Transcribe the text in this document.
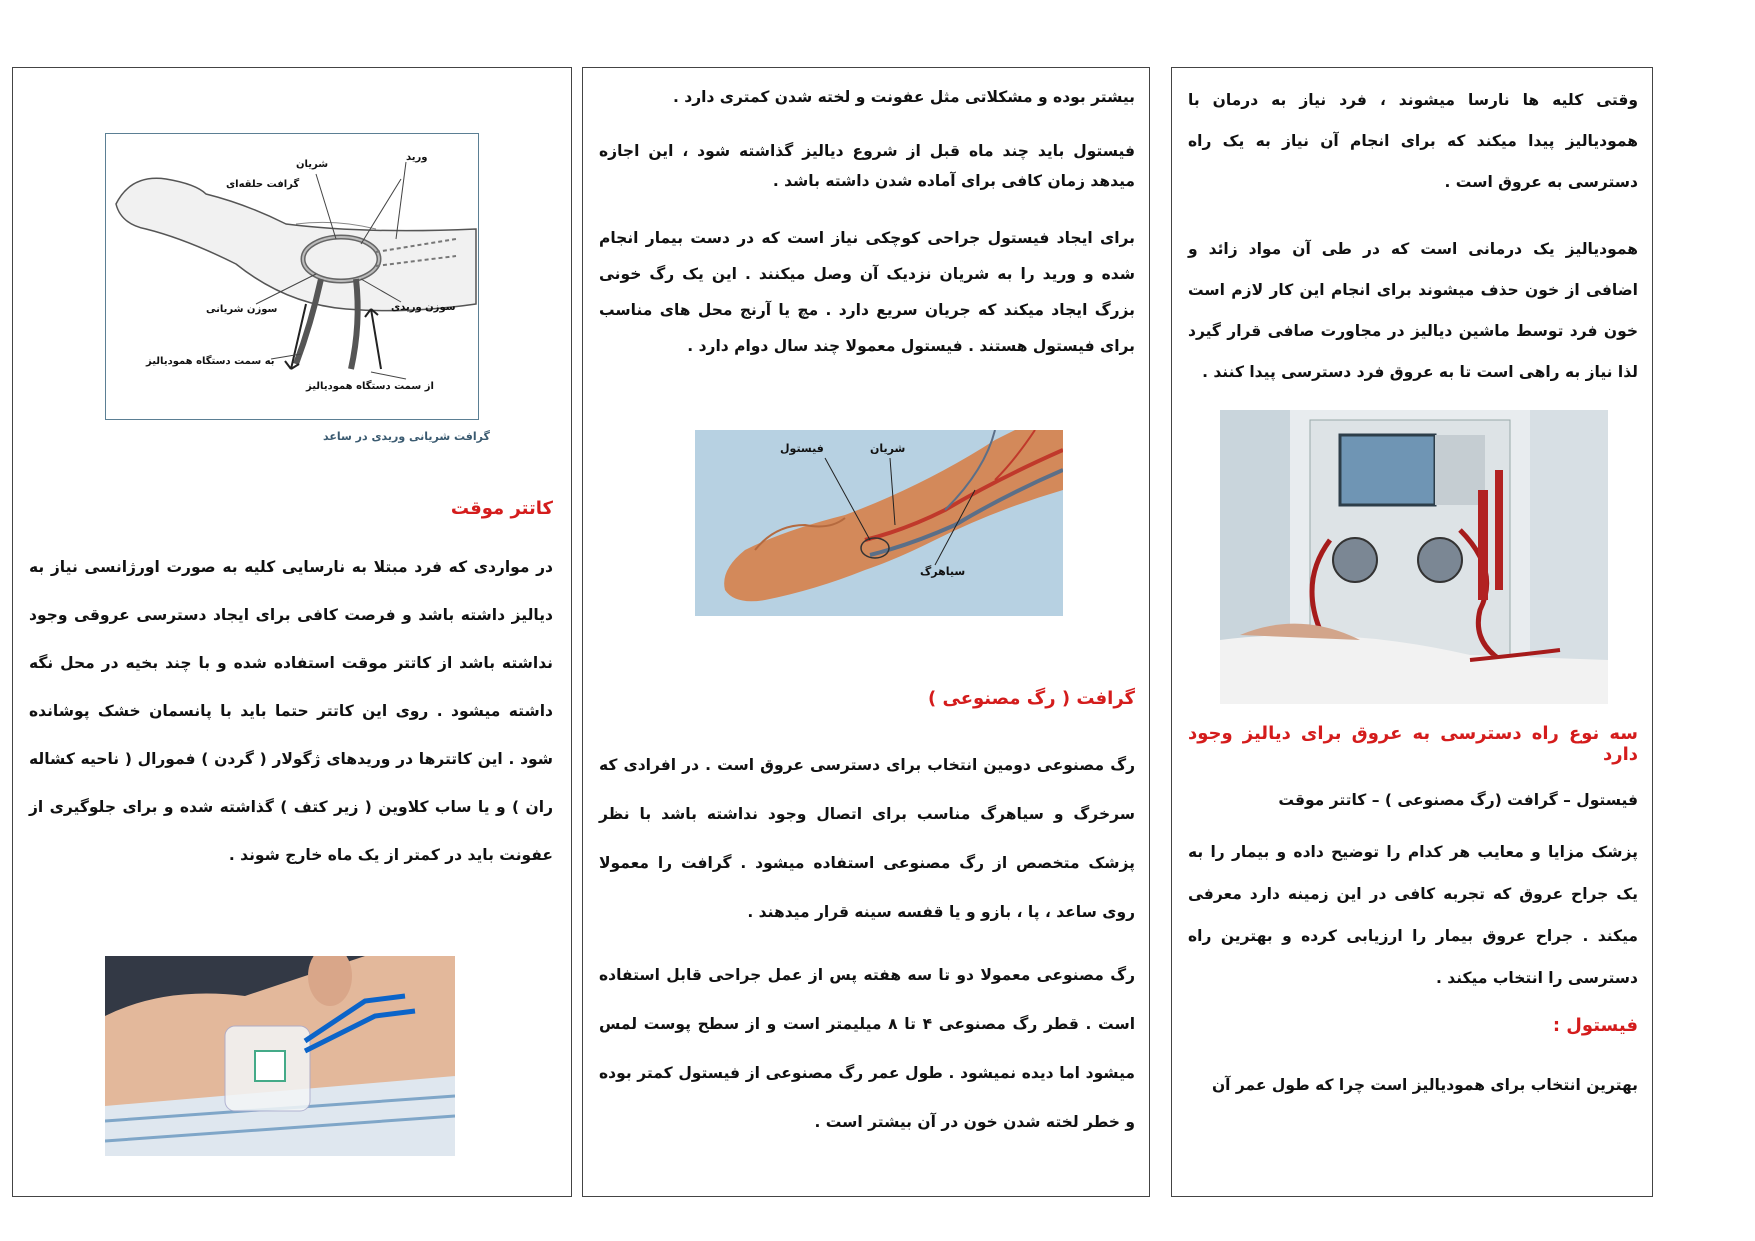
ورید
شریان
گرافت حلقه‌ای
سوزن شریانی	سوزن وریدی
به سمت دستگاه همودیالیز
از سمت دستگاه همودیالیز
گرافت شریانی وریدی در ساعد

کاتتر موقت

در مواردی که فرد مبتلا به نارسایی کلیه به صورت اورژانسی نیاز به دیالیز داشته باشد و فرصت کافی برای ایجاد دسترسی عروقی وجود نداشته باشد از کاتتر موقت استفاده شده و با چند بخیه در محل نگه داشته میشود . روی این کاتتر حتما باید با پانسمان خشک پوشانده شود . این کاتترها در وریدهای ژگولار ( گردن ) فمورال ( ناحیه کشاله ران ) و یا ساب کلاوین ( زیر کتف ) گذاشته شده و برای جلوگیری از عفونت باید در کمتر از یک ماه خارج شوند .

بیشتر بوده و مشکلاتی مثل عفونت و لخته شدن کمتری دارد .

فیستول باید چند ماه قبل از شروع دیالیز گذاشته شود ، این اجازه میدهد زمان کافی برای آماده شدن داشته باشد .

برای ایجاد فیستول جراحی کوچکی نیاز است که در دست بیمار انجام شده و ورید را به شریان نزدیک آن وصل میکنند . این یک رگ خونی بزرگ ایجاد میکند که جریان سریع دارد . مچ یا آرنج محل های مناسب برای فیستول هستند . فیستول معمولا چند سال دوام دارد .

فیستول	شریان
سیاهرگ

گرافت ( رگ مصنوعی )

رگ مصنوعی دومین انتخاب برای دسترسی عروق است . در افرادی که سرخرگ و سیاهرگ مناسب برای اتصال وجود نداشته باشد با نظر پزشک متخصص از رگ مصنوعی استفاده میشود . گرافت را معمولا روی ساعد ، پا ، بازو و یا قفسه سینه قرار میدهند .

رگ مصنوعی معمولا دو تا سه هفته پس از عمل جراحی قابل استفاده است . قطر رگ مصنوعی ۴ تا ۸ میلیمتر است و از سطح پوست لمس میشود اما دیده نمیشود . طول عمر رگ مصنوعی از فیستول کمتر بوده و خطر لخته شدن خون در آن بیشتر است .

وقتی کلیه ها نارسا میشوند ، فرد نیاز به درمان با همودیالیز پیدا میکند که برای انجام آن نیاز به یک راه دسترسی به عروق است .

همودیالیز یک درمانی است که در طی آن مواد زائد و اضافی از خون حذف میشوند برای انجام این کار لازم است خون فرد توسط ماشین دیالیز در مجاورت صافی قرار گیرد لذا نیاز به راهی است تا به عروق فرد دسترسی پیدا کنند .

سه نوع راه دسترسی به عروق برای دیالیز وجود دارد

فیستول – گرافت (رگ مصنوعی ) – کاتتر موقت

پزشک مزایا و معایب هر کدام را توضیح داده و بیمار را به یک جراح عروق که تجربه کافی در این زمینه دارد معرفی میکند . جراح عروق بیمار را ارزیابی کرده و بهترین راه دسترسی را انتخاب میکند .

فیستول :

بهترین انتخاب برای همودیالیز است چرا که طول عمر آن
